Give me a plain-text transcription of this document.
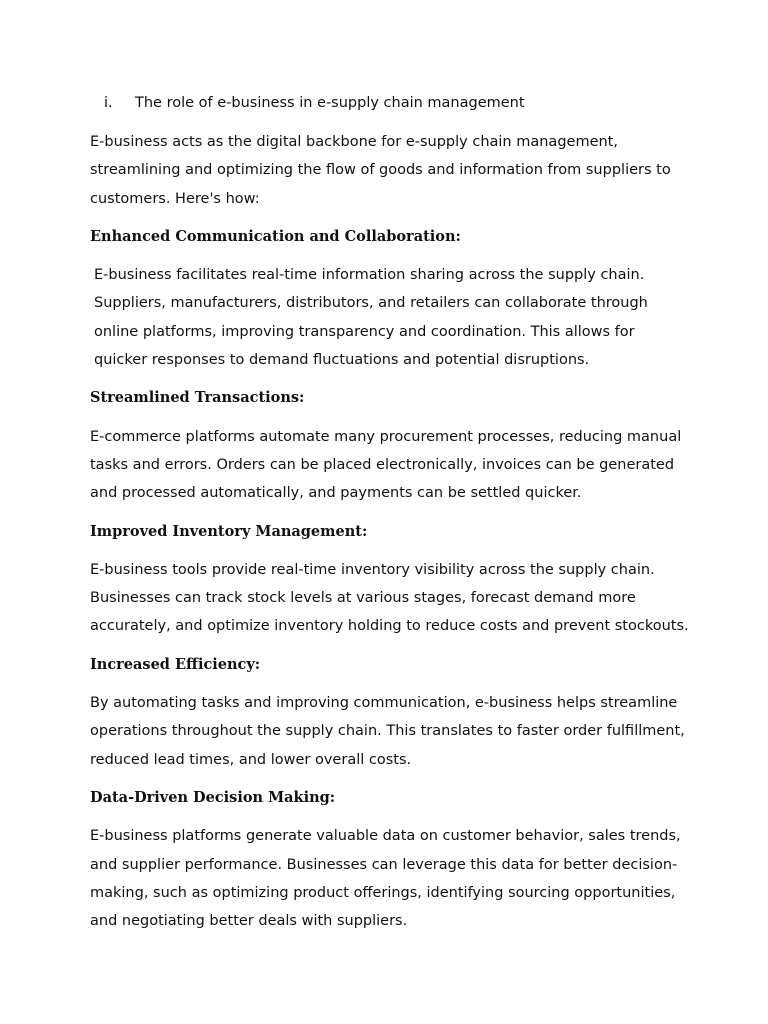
i. The role of e-business in e-supply chain management

E-business acts as the digital backbone for e-supply chain management, streamlining and optimizing the flow of goods and information from suppliers to customers. Here's how:

Enhanced Communication and Collaboration:

E-business facilitates real-time information sharing across the supply chain. Suppliers, manufacturers, distributors, and retailers can collaborate through online platforms, improving transparency and coordination. This allows for quicker responses to demand fluctuations and potential disruptions.

Streamlined Transactions:

E-commerce platforms automate many procurement processes, reducing manual tasks and errors. Orders can be placed electronically, invoices can be generated and processed automatically, and payments can be settled quicker.

Improved Inventory Management:

E-business tools provide real-time inventory visibility across the supply chain. Businesses can track stock levels at various stages, forecast demand more accurately, and optimize inventory holding to reduce costs and prevent stockouts.

Increased Efficiency:

By automating tasks and improving communication, e-business helps streamline operations throughout the supply chain. This translates to faster order fulfillment, reduced lead times, and lower overall costs.

Data-Driven Decision Making:

E-business platforms generate valuable data on customer behavior, sales trends, and supplier performance. Businesses can leverage this data for better decision-making, such as optimizing product offerings, identifying sourcing opportunities, and negotiating better deals with suppliers.
